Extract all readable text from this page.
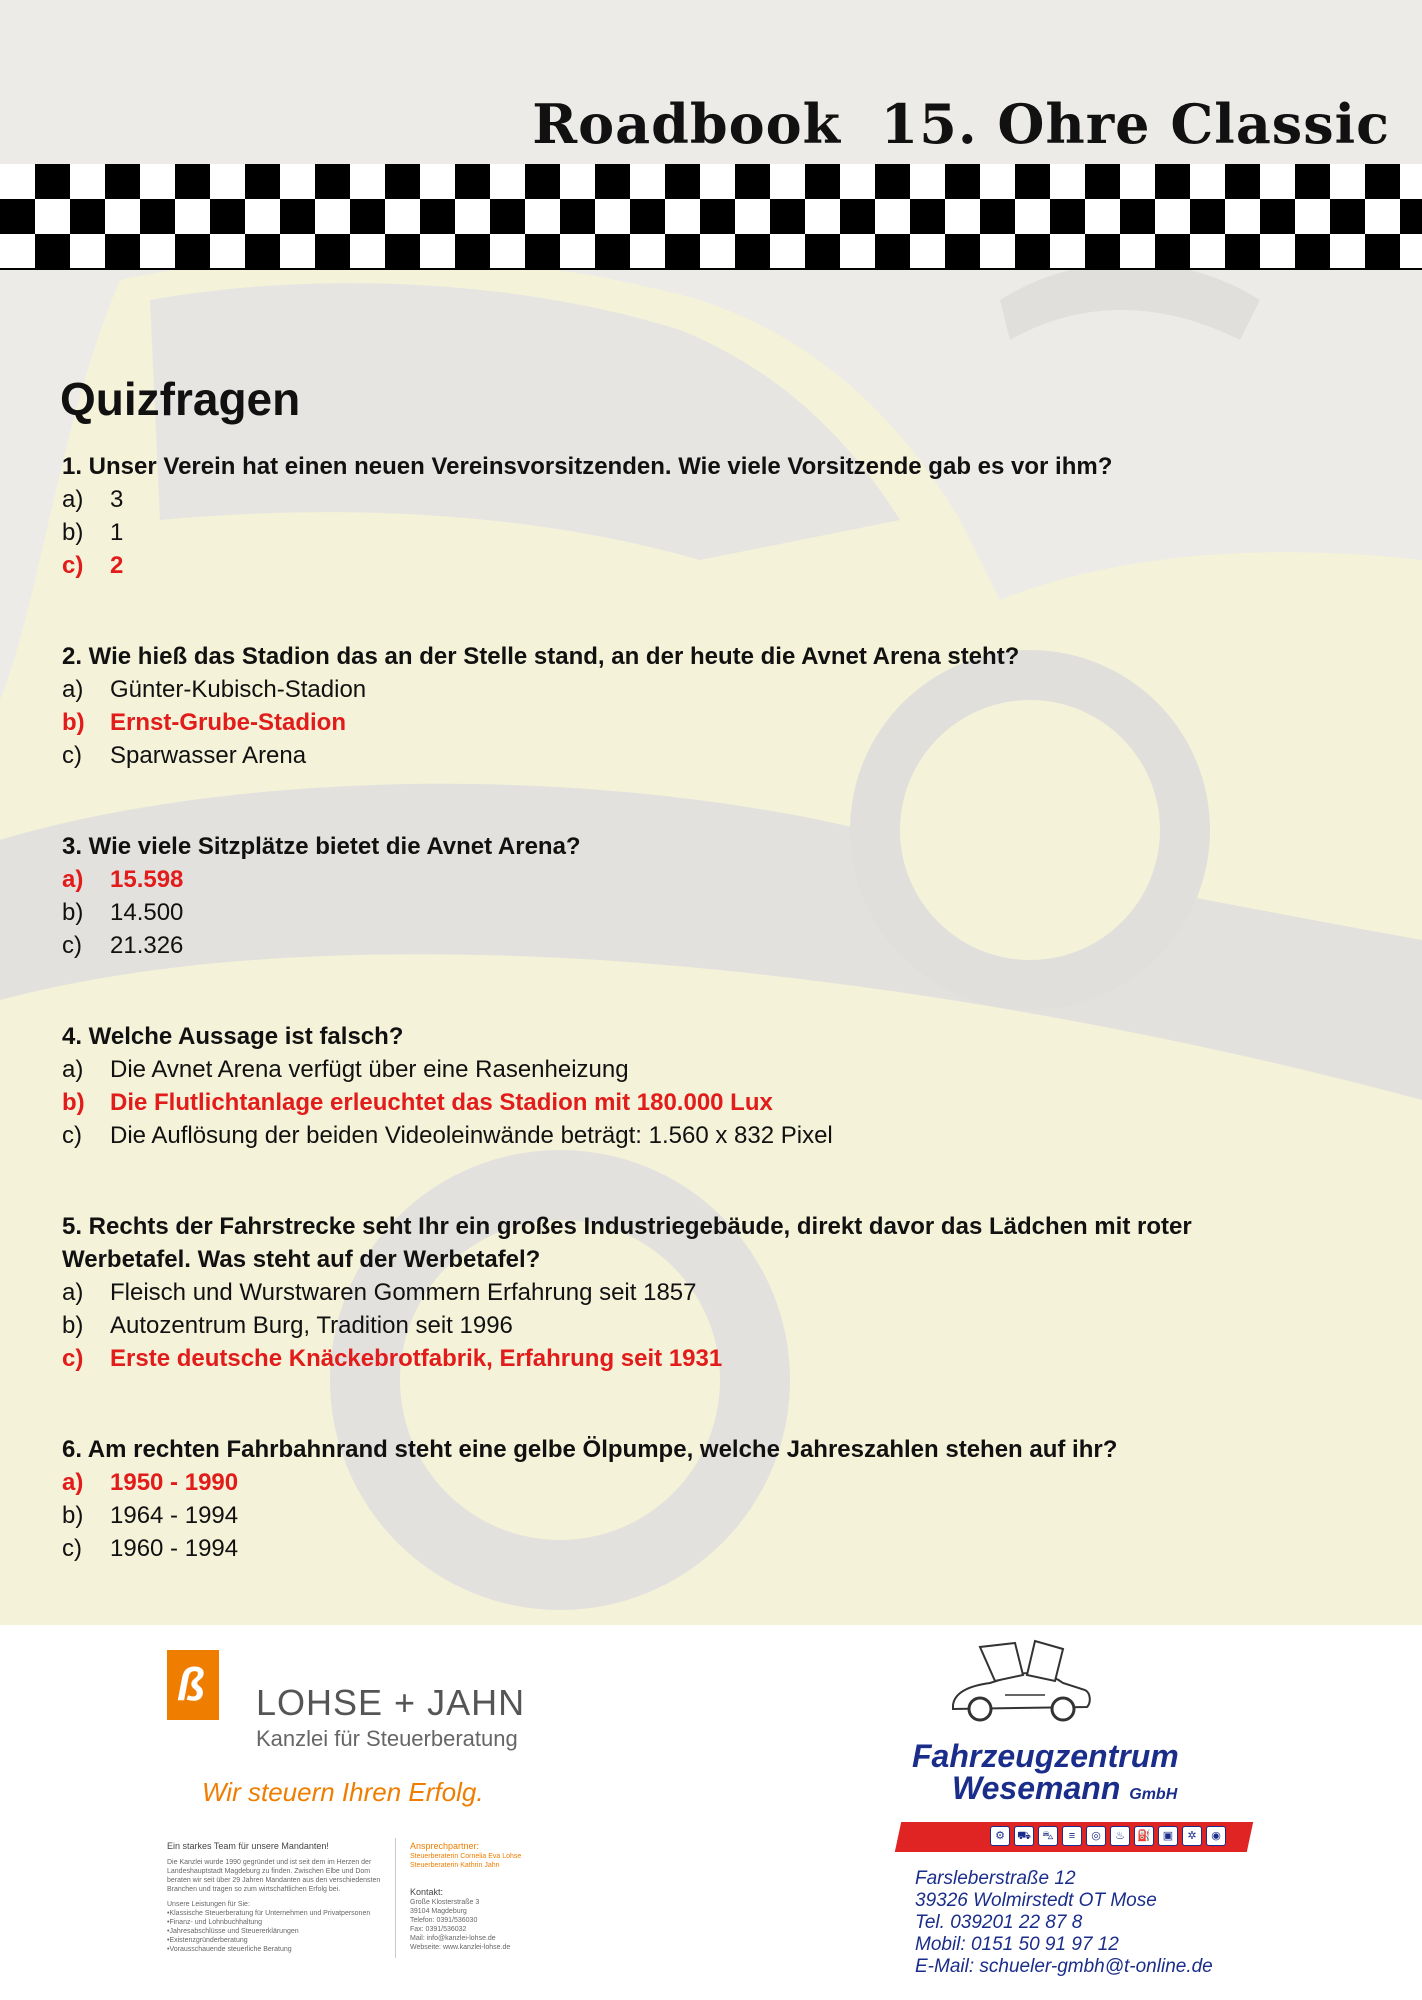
Roadbook  15. Ohre Classic
Quizfragen
1. Unser Verein hat einen neuen Vereinsvorsitzenden. Wie viele Vorsitzende gab es vor ihm?
a)	3
b)	1
c)	2
2. Wie hieß das Stadion das an der Stelle stand, an der heute die Avnet Arena steht?
a)	Günter-Kubisch-Stadion
b)	Ernst-Grube-Stadion
c)	Sparwasser Arena
3. Wie viele Sitzplätze bietet die Avnet Arena?
a)	15.598
b)	14.500
c)	21.326
4. Welche Aussage ist falsch?
a)	Die Avnet Arena verfügt über eine Rasenheizung
b)	Die Flutlichtanlage erleuchtet das Stadion mit 180.000 Lux
c)	Die Auflösung der beiden Videoleinwände beträgt: 1.560 x 832 Pixel
5. Rechts der Fahrstrecke seht Ihr ein großes Industriegebäude, direkt davor das Lädchen mit roter Werbetafel. Was steht auf der Werbetafel?
a)	Fleisch und Wurstwaren Gommern Erfahrung seit 1857
b)	Autozentrum Burg, Tradition seit 1996
c)	Erste deutsche Knäckebrotfabrik, Erfahrung seit 1931
6. Am rechten Fahrbahnrand steht eine gelbe Ölpumpe, welche Jahreszahlen stehen auf ihr?
a)	1950 - 1990
b)	1964 - 1994
c)	1960 - 1994
ß LOHSE + JAHN
Kanzlei für Steuerberatung
Wir steuern Ihren Erfolg.
Ein starkes Team für unsere Mandanten!
Die Kanzlei wurde 1990 gegründet und ist seit dem im Herzen der Landeshauptstadt Magdeburg zu finden. Zwischen Elbe und Dom beraten wir seit über 29 Jahren Mandanten aus den verschiedensten Branchen und tragen so zum wirtschaftlichen Erfolg bei.
Unsere Leistungen für Sie:
•Klassische Steuerberatung für Unternehmen und Privatpersonen
•Finanz- und Lohnbuchhaltung
•Jahresabschlüsse und Steuererklärungen
•Existenzgründerberatung
•Vorausschauende steuerliche Beratung
Ansprechpartner:
Steuerberaterin Cornelia Eva Lohse
Steuerberaterin Kathrin Jahn
Kontakt:
Große Klosterstraße 3
39104 Magdeburg
Telefon: 0391/536030
Fax: 0391/536032
Mail: info@kanzlei-lohse.de
Webseite: www.kanzlei-lohse.de
Fahrzeugzentrum
Wesemann GmbH
⚙	⛟	⛍	≡	◎	♨	⛽	▣	✲	◉
Farsleberstraße 12
39326 Wolmirstedt OT Mose
Tel. 039201 22 87 8
Mobil: 0151 50 91 97 12
E-Mail: schueler-gmbh@t-online.de
